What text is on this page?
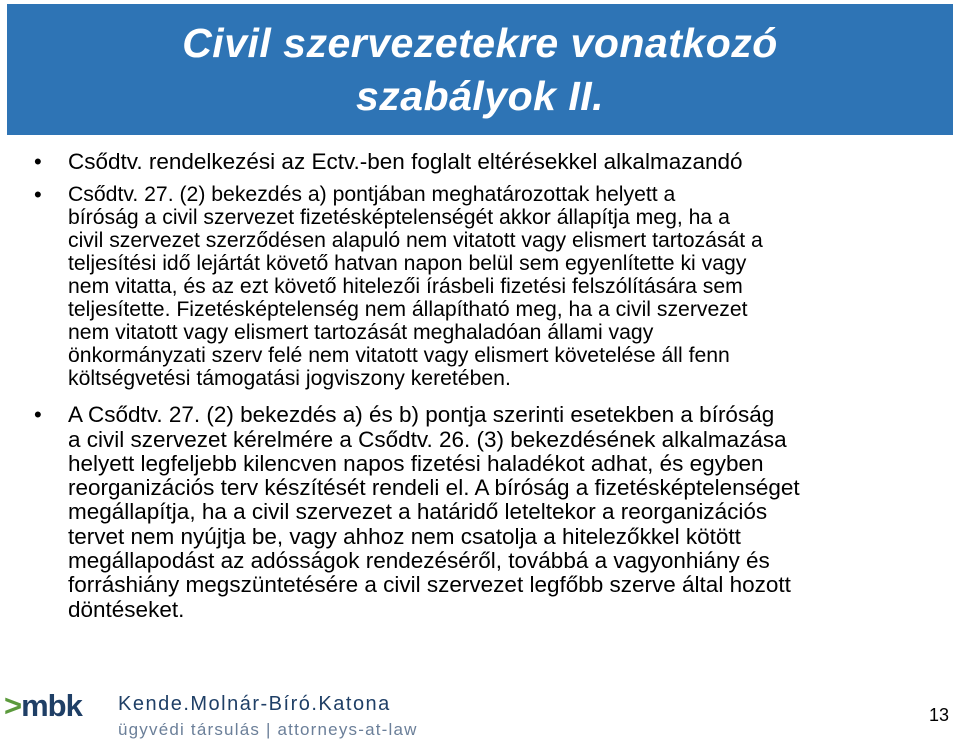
Civil szervezetekre vonatkozó
szabályok II.
• Csődtv. rendelkezési az Ectv.-ben foglalt eltérésekkel alkalmazandó
• Csődtv. 27. (2) bekezdés a) pontjában meghatározottak helyett a
bíróság a civil szervezet fizetésképtelenségét akkor állapítja meg, ha a
civil szervezet szerződésen alapuló nem vitatott vagy elismert tartozását a
teljesítési idő lejártát követő hatvan napon belül sem egyenlítette ki vagy
nem vitatta, és az ezt követő hitelezői írásbeli fizetési felszólítására sem
teljesítette. Fizetésképtelenség nem állapítható meg, ha a civil szervezet
nem vitatott vagy elismert tartozását meghaladóan állami vagy
önkormányzati szerv felé nem vitatott vagy elismert követelése áll fenn
költségvetési támogatási jogviszony keretében.
• A Csődtv. 27. (2) bekezdés a) és b) pontja szerinti esetekben a bíróság
a civil szervezet kérelmére a Csődtv. 26. (3) bekezdésének alkalmazása
helyett legfeljebb kilencven napos fizetési haladékot adhat, és egyben
reorganizációs terv készítését rendeli el. A bíróság a fizetésképtelenséget
megállapítja, ha a civil szervezet a határidő leteltekor a reorganizációs
tervet nem nyújtja be, vagy ahhoz nem csatolja a hitelezőkkel kötött
megállapodást az adósságok rendezéséről, továbbá a vagyonhiány és
forráshiány megszüntetésére a civil szervezet legfőbb szerve által hozott
döntéseket.
>mbk Kende.Molnár-Bíró.Katona
ügyvédi társulás | attorneys-at-law
13
